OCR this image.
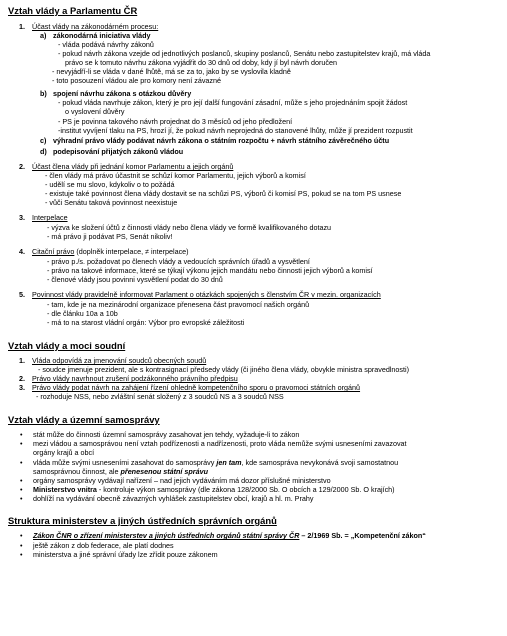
Vztah vlády a Parlamentu ČR
1. Účast vlády na zákonodárném procesu:
a) zákonodárná iniciativa vlády
- vláda podává návrhy zákonů
- pokud návrh zákona vzejde od jednotlivých poslanců, skupiny poslanců, Senátu nebo zastupitelstev krajů, má vláda
právo se k tomuto návrhu zákona vyjádřit do 30 dnů od doby, kdy jí byl návrh doručen
- nevyjádří-li se vláda v dané lhůtě, má se za to, jako by se vyslovila kladně
- toto posouzení vládou ale pro komory není závazné
b) spojení návrhu zákona s otázkou důvěry
- pokud vláda navrhuje zákon, který je pro její další fungování zásadní, může s jeho projednáním spojit žádost
o vyslovení důvěry
- PS je povinna takového návrh projednat do 3 měsíců od jeho předložení
-institut vyvíjení tlaku na PS, hrozí jí, že pokud návrh neprojedná do stanovené lhůty, může jí prezident rozpustit
c) výhradní právo vlády podávat návrh zákona o státním rozpočtu + návrh státního závěrečného účtu
d) podepisování přijatých zákonů vládou
2. Účast člena vlády při jednání komor Parlamentu a jejich orgánů
- člen vlády má právo účastnit se schůzí komor Parlamentu, jejich výborů a komisí
- udělí se mu slovo, kdykoliv o to požádá
- existuje také povinnost člena vlády dostavit se na schůzi PS, výborů či komisí PS, pokud se na tom PS usnese
- vůči Senátu taková povinnost neexistuje
3. Interpelace
- výzva ke složení účtů z činnosti vlády nebo člena vlády ve formě kvalifikovaného dotazu
- má právo ji podávat PS, Senát nikoliv!
4. Citační právo (doplněk interpelace, ≠ interpelace)
- právo p./s. požadovat po členech vlády a vedoucích správních úřadů a vysvětlení
- právo na takové informace, které se týkají výkonu jejich mandátu nebo činnosti jejich výborů a komisí
- členové vlády jsou povinni vysvětlení podat do 30 dnů
5. Povinnost vlády pravidelně informovat Parlament o otázkách spojených s členstvím ČR v mezin. organizacích
- tam, kde je na mezinárodní organizace přenesena část pravomocí našich orgánů
- dle článku 10a a 10b
- má to na starost vládní orgán: Výbor pro evropské záležitosti
Vztah vlády a moci soudní
1. Vláda odpovídá za jmenování soudců obecných soudů
- soudce jmenuje prezident, ale s kontrasignací předsedy vlády (či jiného člena vlády, obvykle ministra spravedlnosti)
2. Právo vlády navrhnout zrušení podzákonného právního předpisu
3. Právo vlády podat návrh na zahájení řízení ohledně kompetenčního sporu o pravomoci státních orgánů
- rozhoduje NSS, nebo zvláštní senát složený z 3 soudců NS a 3 soudců NSS
Vztah vlády a územní samosprávy
• stát může do činnosti územní samosprávy zasahovat jen tehdy, vyžaduje-li to zákon
• mezi vládou a samosprávou není vztah podřízenosti a nadřízenosti, proto vláda nemůže svými usneseními zavazovat
orgány krajů a obcí
• vláda může svými usneseními zasahovat do samosprávy jen tam, kde samospráva nevykonává svoji samostatnou
samosprávnou činnost, ale přenesenou státní správu
• orgány samosprávy vydávají nařízení – nad jejich vydáváním má dozor příslušné ministerstvo
• Ministerstvo vnitra - kontroluje výkon samosprávy (dle zákona 128/2000 Sb. O obcích a 129/2000 Sb. O krajích)
• dohlíží na vydávání obecně závazných vyhlášek zastupitelstev obcí, krajů a hl. m. Prahy
Struktura ministerstev a jiných ústředních správních orgánů
• Zákon ČNR o zřízení ministerstev a jiných ústředních orgánů státní správy ČR – 2/1969 Sb. = „Kompetenční zákon“
• ještě zákon z dob federace, ale platí dodnes
• ministerstva a jiné správní úřady lze zřídit pouze zákonem
